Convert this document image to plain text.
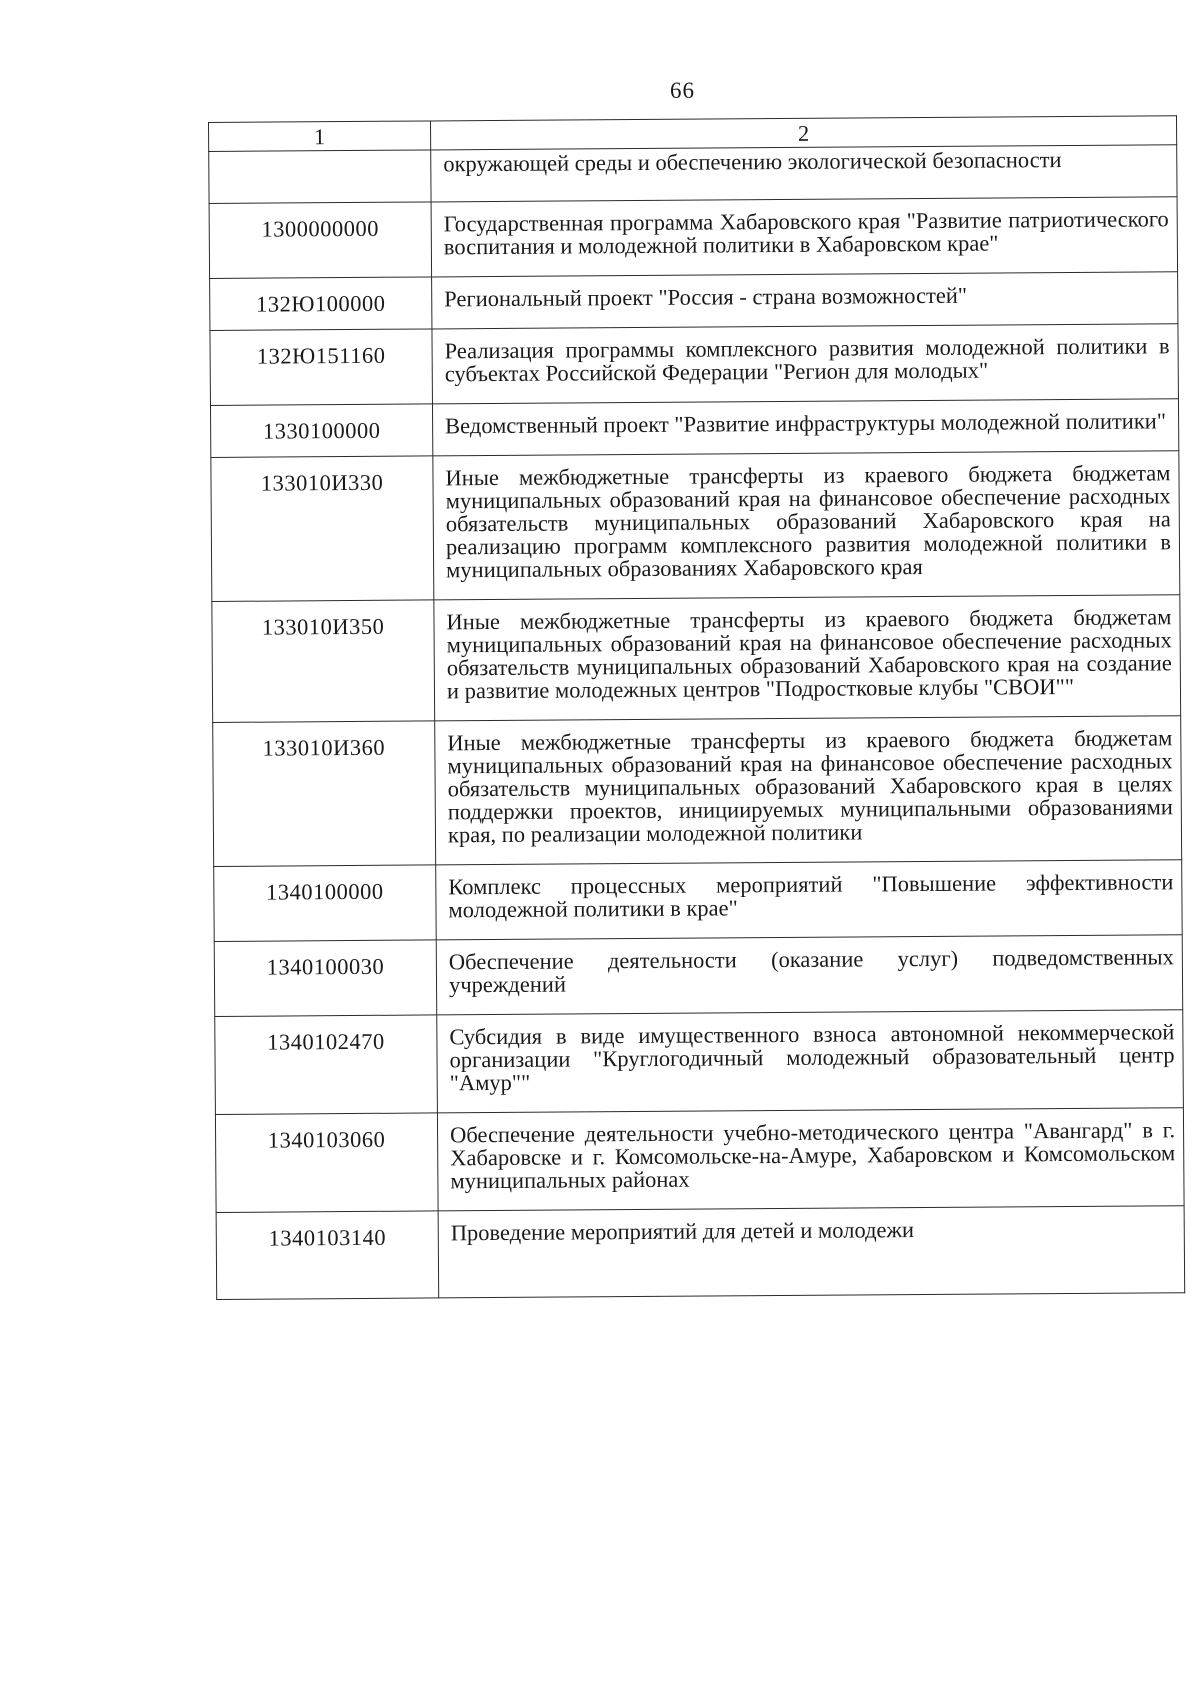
66
1	2
	окружающей среды и обеспечению экологической безопасности
1300000000	Государственная программа Хабаровского края "Развитие патриотического воспитания и молодежной политики в Хабаровском крае"
132Ю100000	Региональный проект "Россия - страна возможностей"
132Ю151160	Реализация программы комплексного развития молодежной политики в субъектах Российской Федерации "Регион для молодых"
1330100000	Ведомственный проект "Развитие инфраструктуры молодежной политики"
133010И330	Иные межбюджетные трансферты из краевого бюджета бюджетам муниципальных образований края на финансовое обеспечение расходных обязательств муниципальных образований Хабаровского края на реализацию программ комплексного развития молодежной политики в муниципальных образованиях Хабаровского края
133010И350	Иные межбюджетные трансферты из краевого бюджета бюджетам муниципальных образований края на финансовое обеспечение расходных обязательств муниципальных образований Хабаровского края на создание и развитие молодежных центров "Подростковые клубы "СВОИ""
133010И360	Иные межбюджетные трансферты из краевого бюджета бюджетам муниципальных образований края на финансовое обеспечение расходных обязательств муниципальных образований Хабаровского края в целях поддержки проектов, инициируемых муниципальными образованиями края, по реализации молодежной политики
1340100000	Комплекс процессных мероприятий "Повышение эффективности молодежной политики в крае"
1340100030	Обеспечение деятельности (оказание услуг) подведомственных учреждений
1340102470	Субсидия в виде имущественного взноса автономной некоммерческой организации "Круглогодичный молодежный образовательный центр "Амур""
1340103060	Обеспечение деятельности учебно-методического центра "Авангард" в г. Хабаровске и г. Комсомольске-на-Амуре, Хабаровском и Комсомольском муниципальных районах
1340103140	Проведение мероприятий для детей и молодежи
